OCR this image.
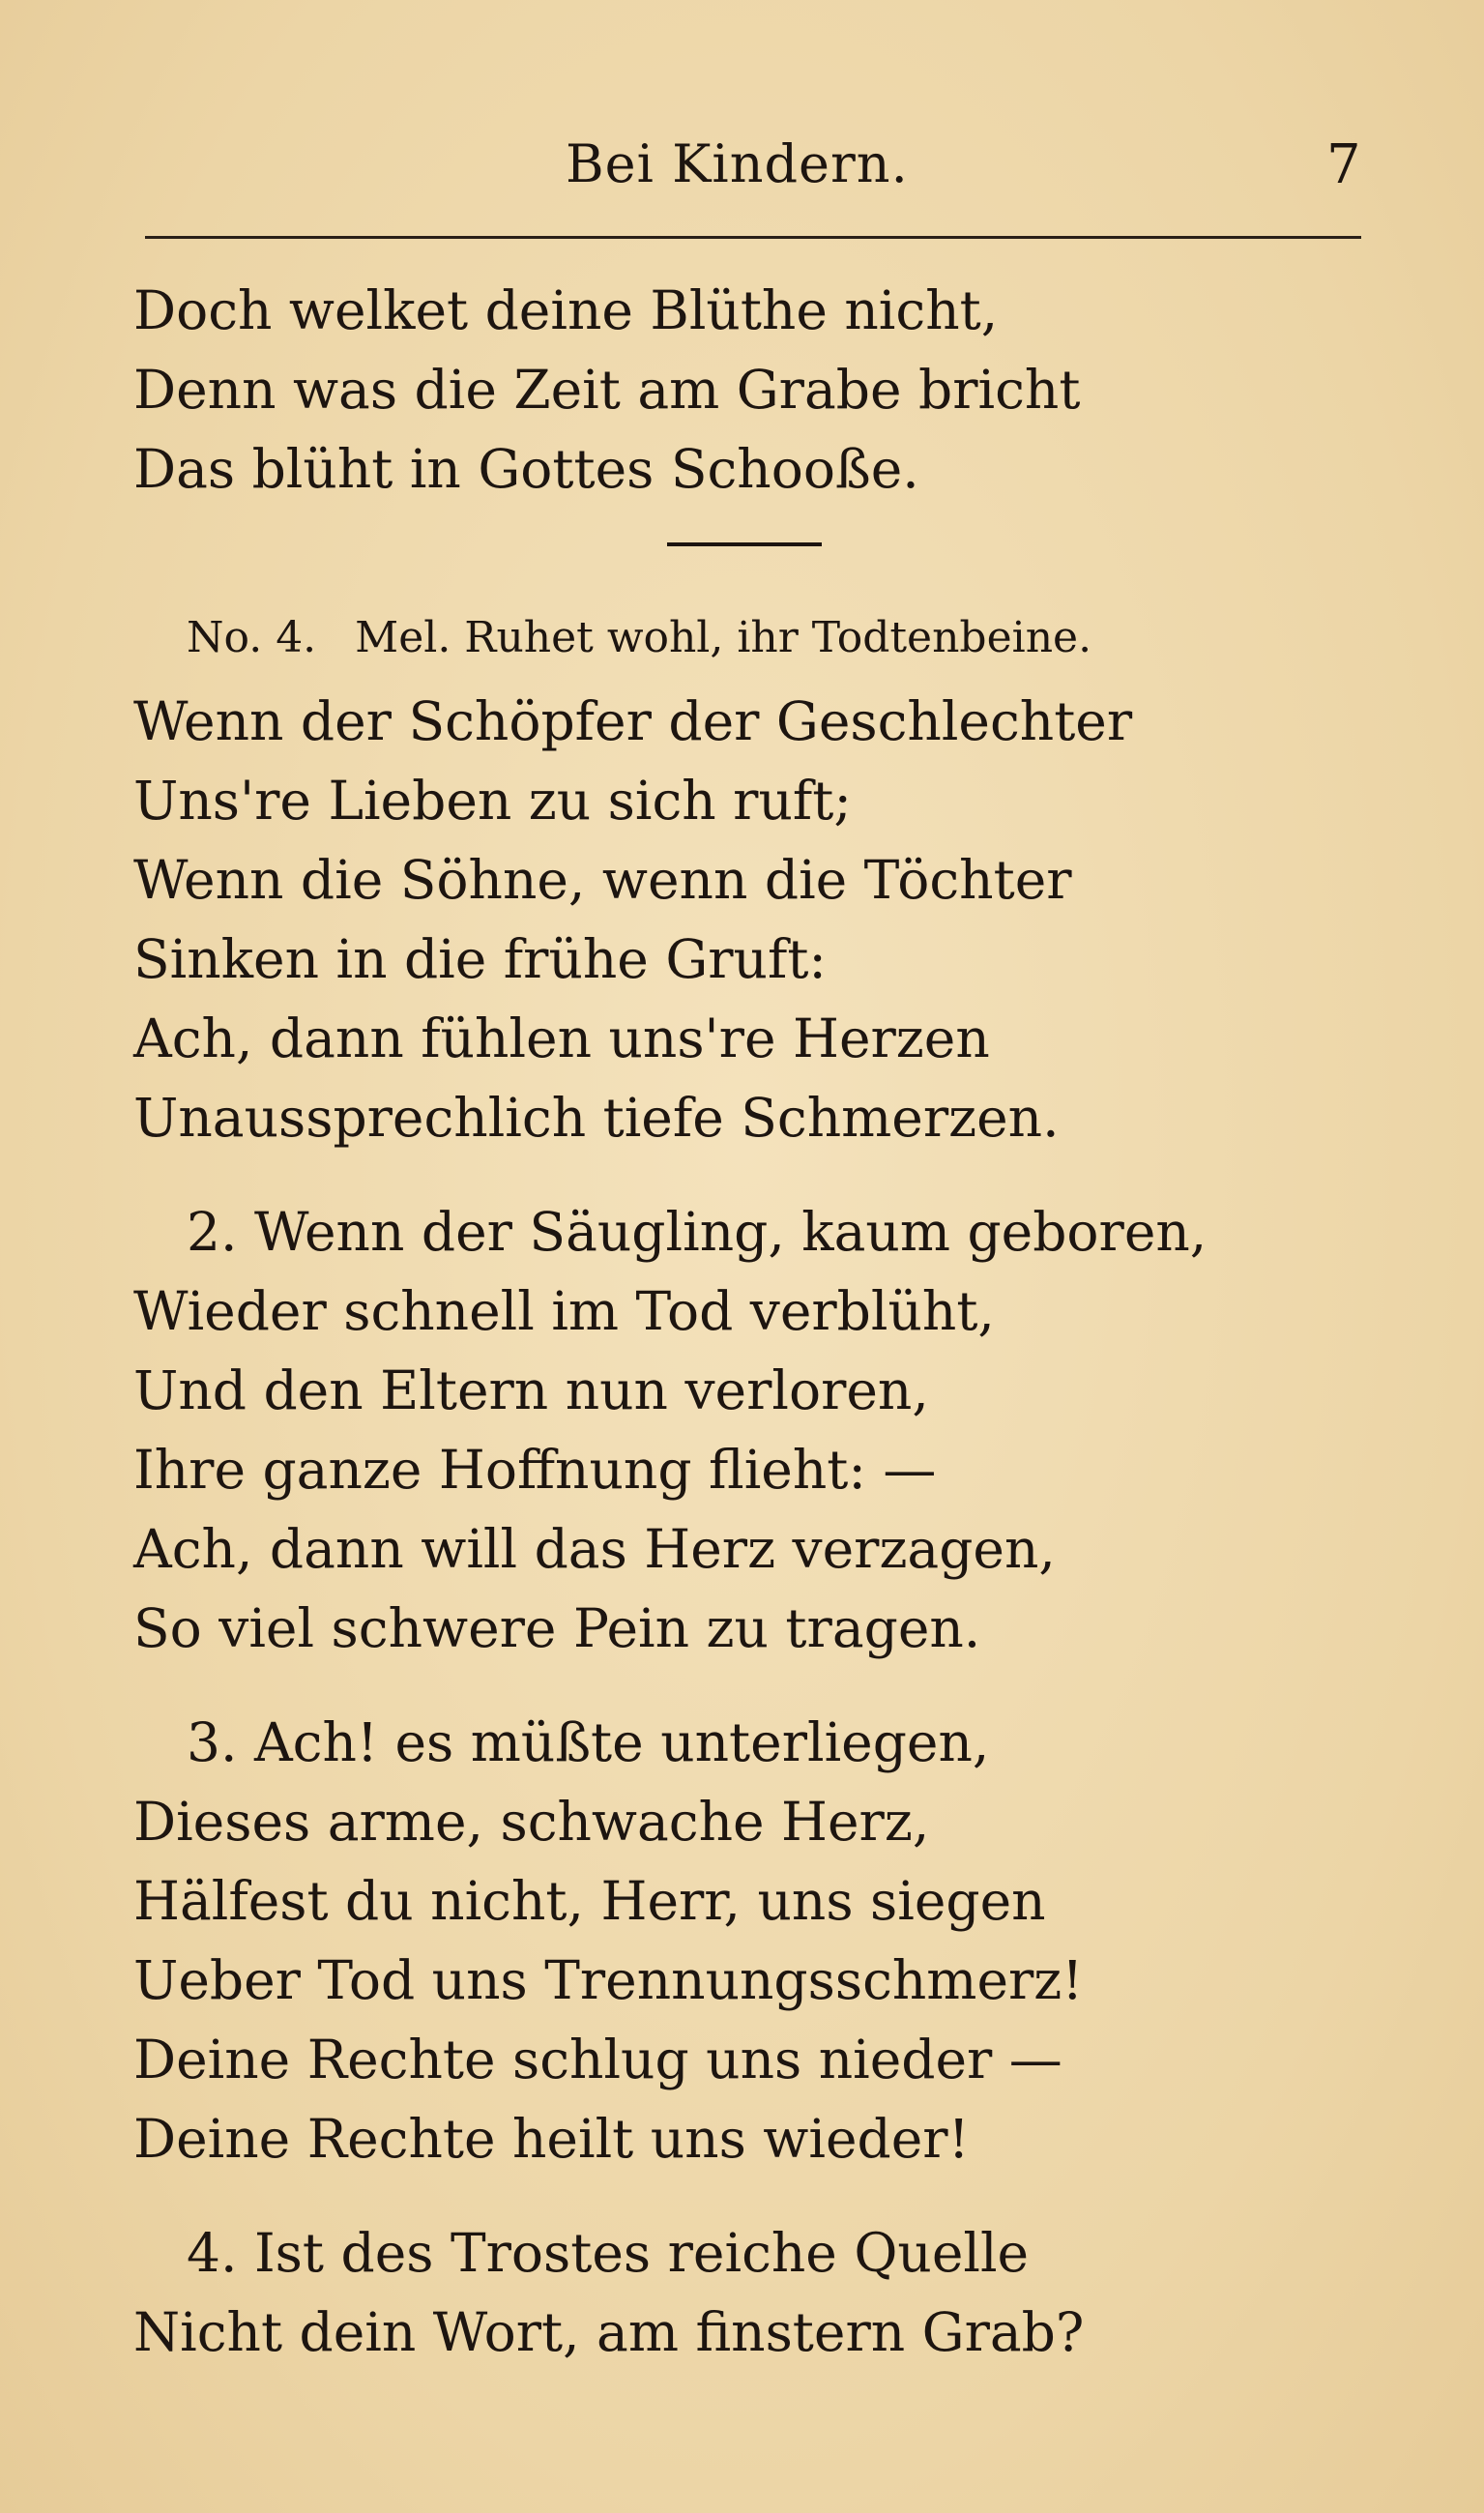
Bei Kindern.	7
Doch welket deine Blüthe nicht,
Denn was die Zeit am Grabe bricht
Das blüht in Gottes Schooße.
No. 4. Mel. Ruhet wohl, ihr Todtenbeine.
Wenn der Schöpfer der Geschlechter
Uns're Lieben zu sich ruft;
Wenn die Söhne, wenn die Töchter
Sinken in die frühe Gruft:
Ach, dann fühlen uns're Herzen
Unaussprechlich tiefe Schmerzen.
2. Wenn der Säugling, kaum geboren,
Wieder schnell im Tod verblüht,
Und den Eltern nun verloren,
Ihre ganze Hoffnung flieht: —
Ach, dann will das Herz verzagen,
So viel schwere Pein zu tragen.
3. Ach! es müßte unterliegen,
Dieses arme, schwache Herz,
Hälfest du nicht, Herr, uns siegen
Ueber Tod uns Trennungsschmerz!
Deine Rechte schlug uns nieder —
Deine Rechte heilt uns wieder!
4. Ist des Trostes reiche Quelle
Nicht dein Wort, am finstern Grab?
